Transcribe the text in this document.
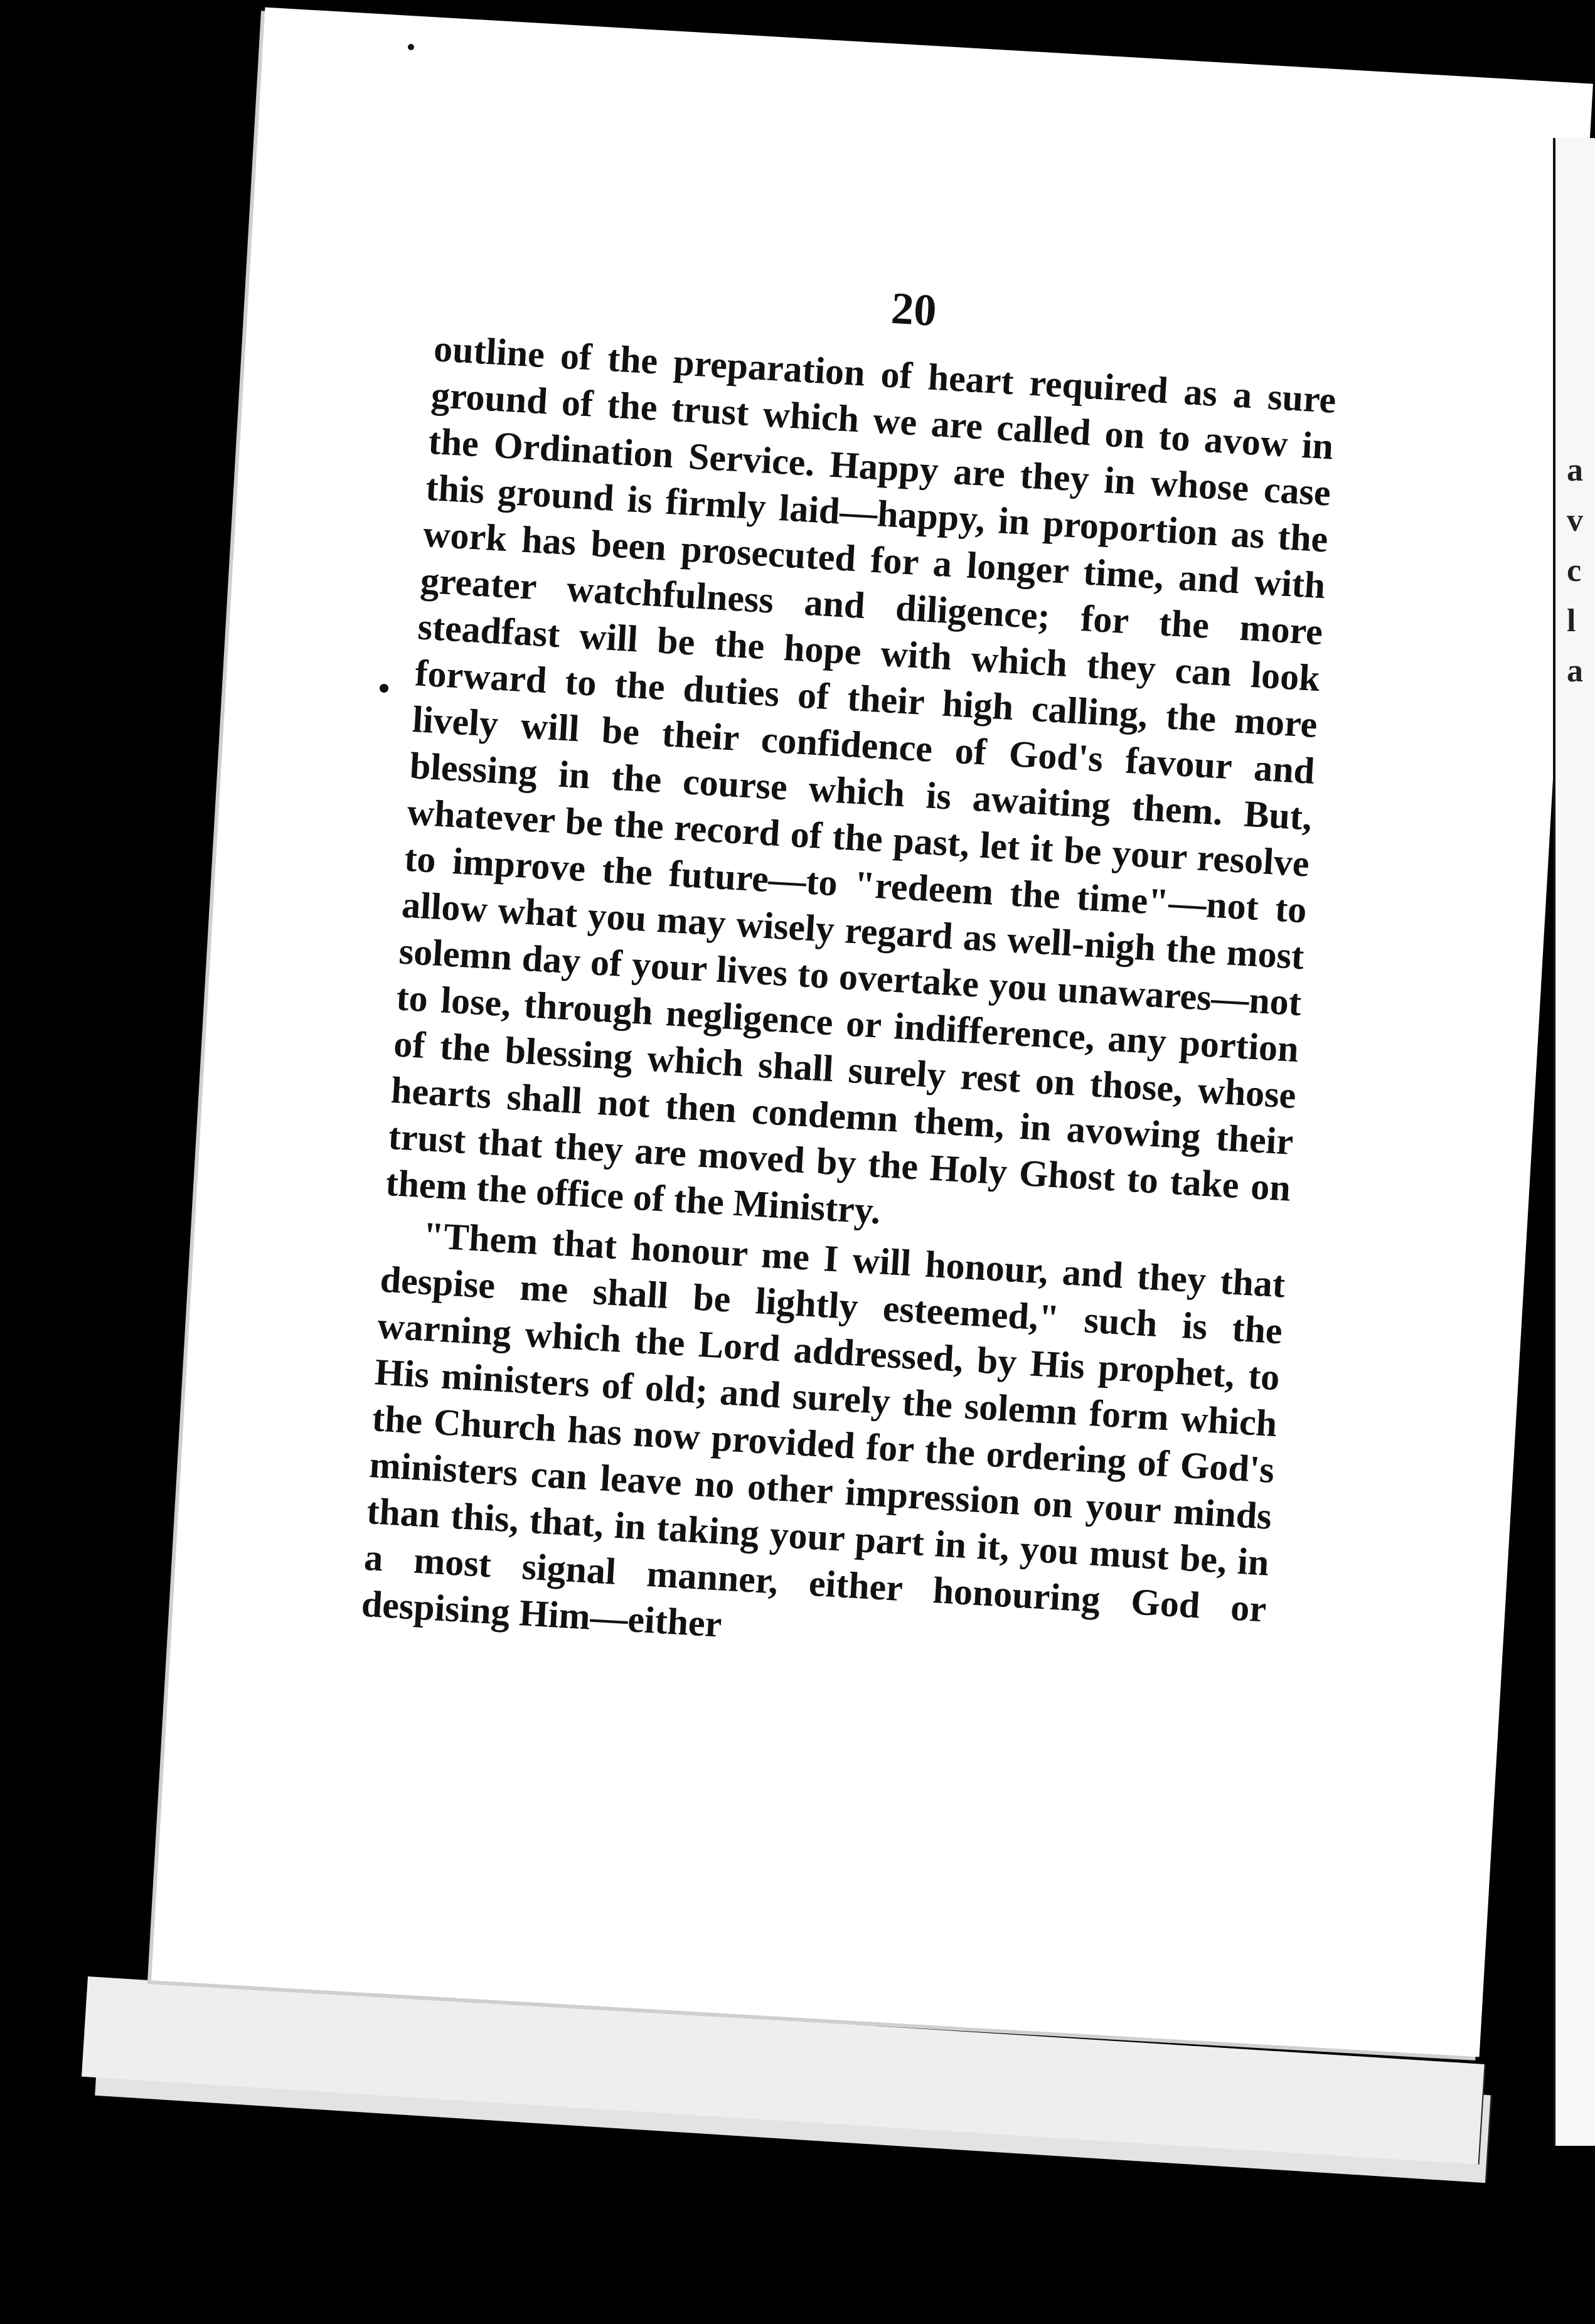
20

outline of the preparation of heart required as a sure ground of the trust which we are called on to avow in the Ordination Service. Happy are they in whose case this ground is firmly laid—happy, in proportion as the work has been prosecuted for a longer time, and with greater watchfulness and diligence; for the more steadfast will be the hope with which they can look forward to the duties of their high calling, the more lively will be their confidence of God's favour and blessing in the course which is awaiting them. But, whatever be the record of the past, let it be your resolve to improve the future—to "redeem the time"—not to allow what you may wisely regard as well-nigh the most solemn day of your lives to overtake you unawares—not to lose, through negligence or indifference, any portion of the blessing which shall surely rest on those, whose hearts shall not then condemn them, in avowing their trust that they are moved by the Holy Ghost to take on them the office of the Ministry.

"Them that honour me I will honour, and they that despise me shall be lightly esteemed," such is the warning which the Lord addressed, by His prophet, to His ministers of old; and surely the solemn form which the Church has now provided for the ordering of God's ministers can leave no other impression on your minds than this, that, in taking your part in it, you must be, in a most signal manner, either honouring God or despising Him—either

a
v
c
l
a
